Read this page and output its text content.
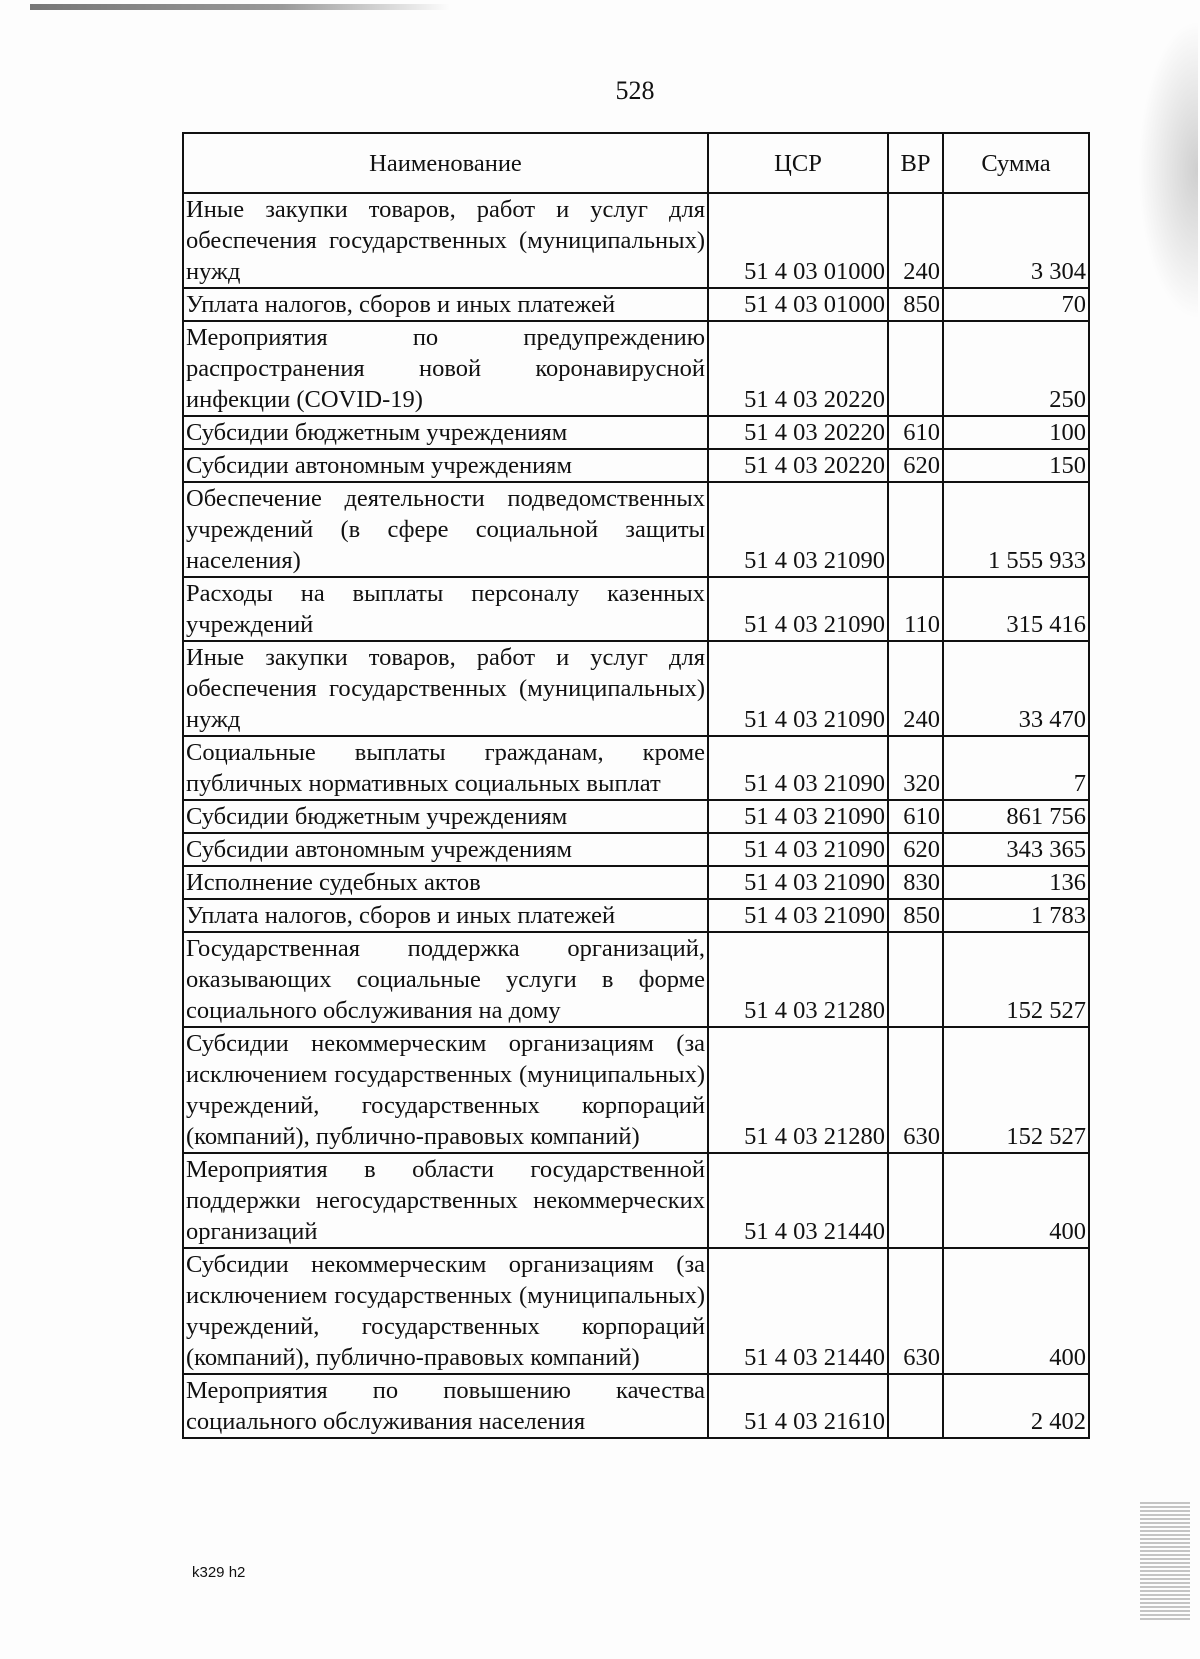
528
Наименование	ЦСР	ВР	Сумма
Иные закупки товаров, работ и услуг для обеспечения государственных (муниципальных) нужд	51 4 03 01000	240	3 304
Уплата налогов, сборов и иных платежей	51 4 03 01000	850	70
Мероприятия по предупреждению распространения новой коронавирусной инфекции (COVID-19)	51 4 03 20220		250
Субсидии бюджетным учреждениям	51 4 03 20220	610	100
Субсидии автономным учреждениям	51 4 03 20220	620	150
Обеспечение деятельности подведомственных учреждений (в сфере социальной защиты населения)	51 4 03 21090		1 555 933
Расходы на выплаты персоналу казенных учреждений	51 4 03 21090	110	315 416
Иные закупки товаров, работ и услуг для обеспечения государственных (муниципальных) нужд	51 4 03 21090	240	33 470
Социальные выплаты гражданам, кроме публичных нормативных социальных выплат	51 4 03 21090	320	7
Субсидии бюджетным учреждениям	51 4 03 21090	610	861 756
Субсидии автономным учреждениям	51 4 03 21090	620	343 365
Исполнение судебных актов	51 4 03 21090	830	136
Уплата налогов, сборов и иных платежей	51 4 03 21090	850	1 783
Государственная поддержка организаций, оказывающих социальные услуги в форме социального обслуживания на дому	51 4 03 21280		152 527
Субсидии некоммерческим организациям (за исключением государственных (муниципальных) учреждений, государственных корпораций (компаний), публично-правовых компаний)	51 4 03 21280	630	152 527
Мероприятия в области государственной поддержки негосударственных некоммерческих организаций	51 4 03 21440		400
Субсидии некоммерческим организациям (за исключением государственных (муниципальных) учреждений, государственных корпораций (компаний), публично-правовых компаний)	51 4 03 21440	630	400
Мероприятия по повышению качества социального обслуживания населения	51 4 03 21610		2 402
k329 h2
